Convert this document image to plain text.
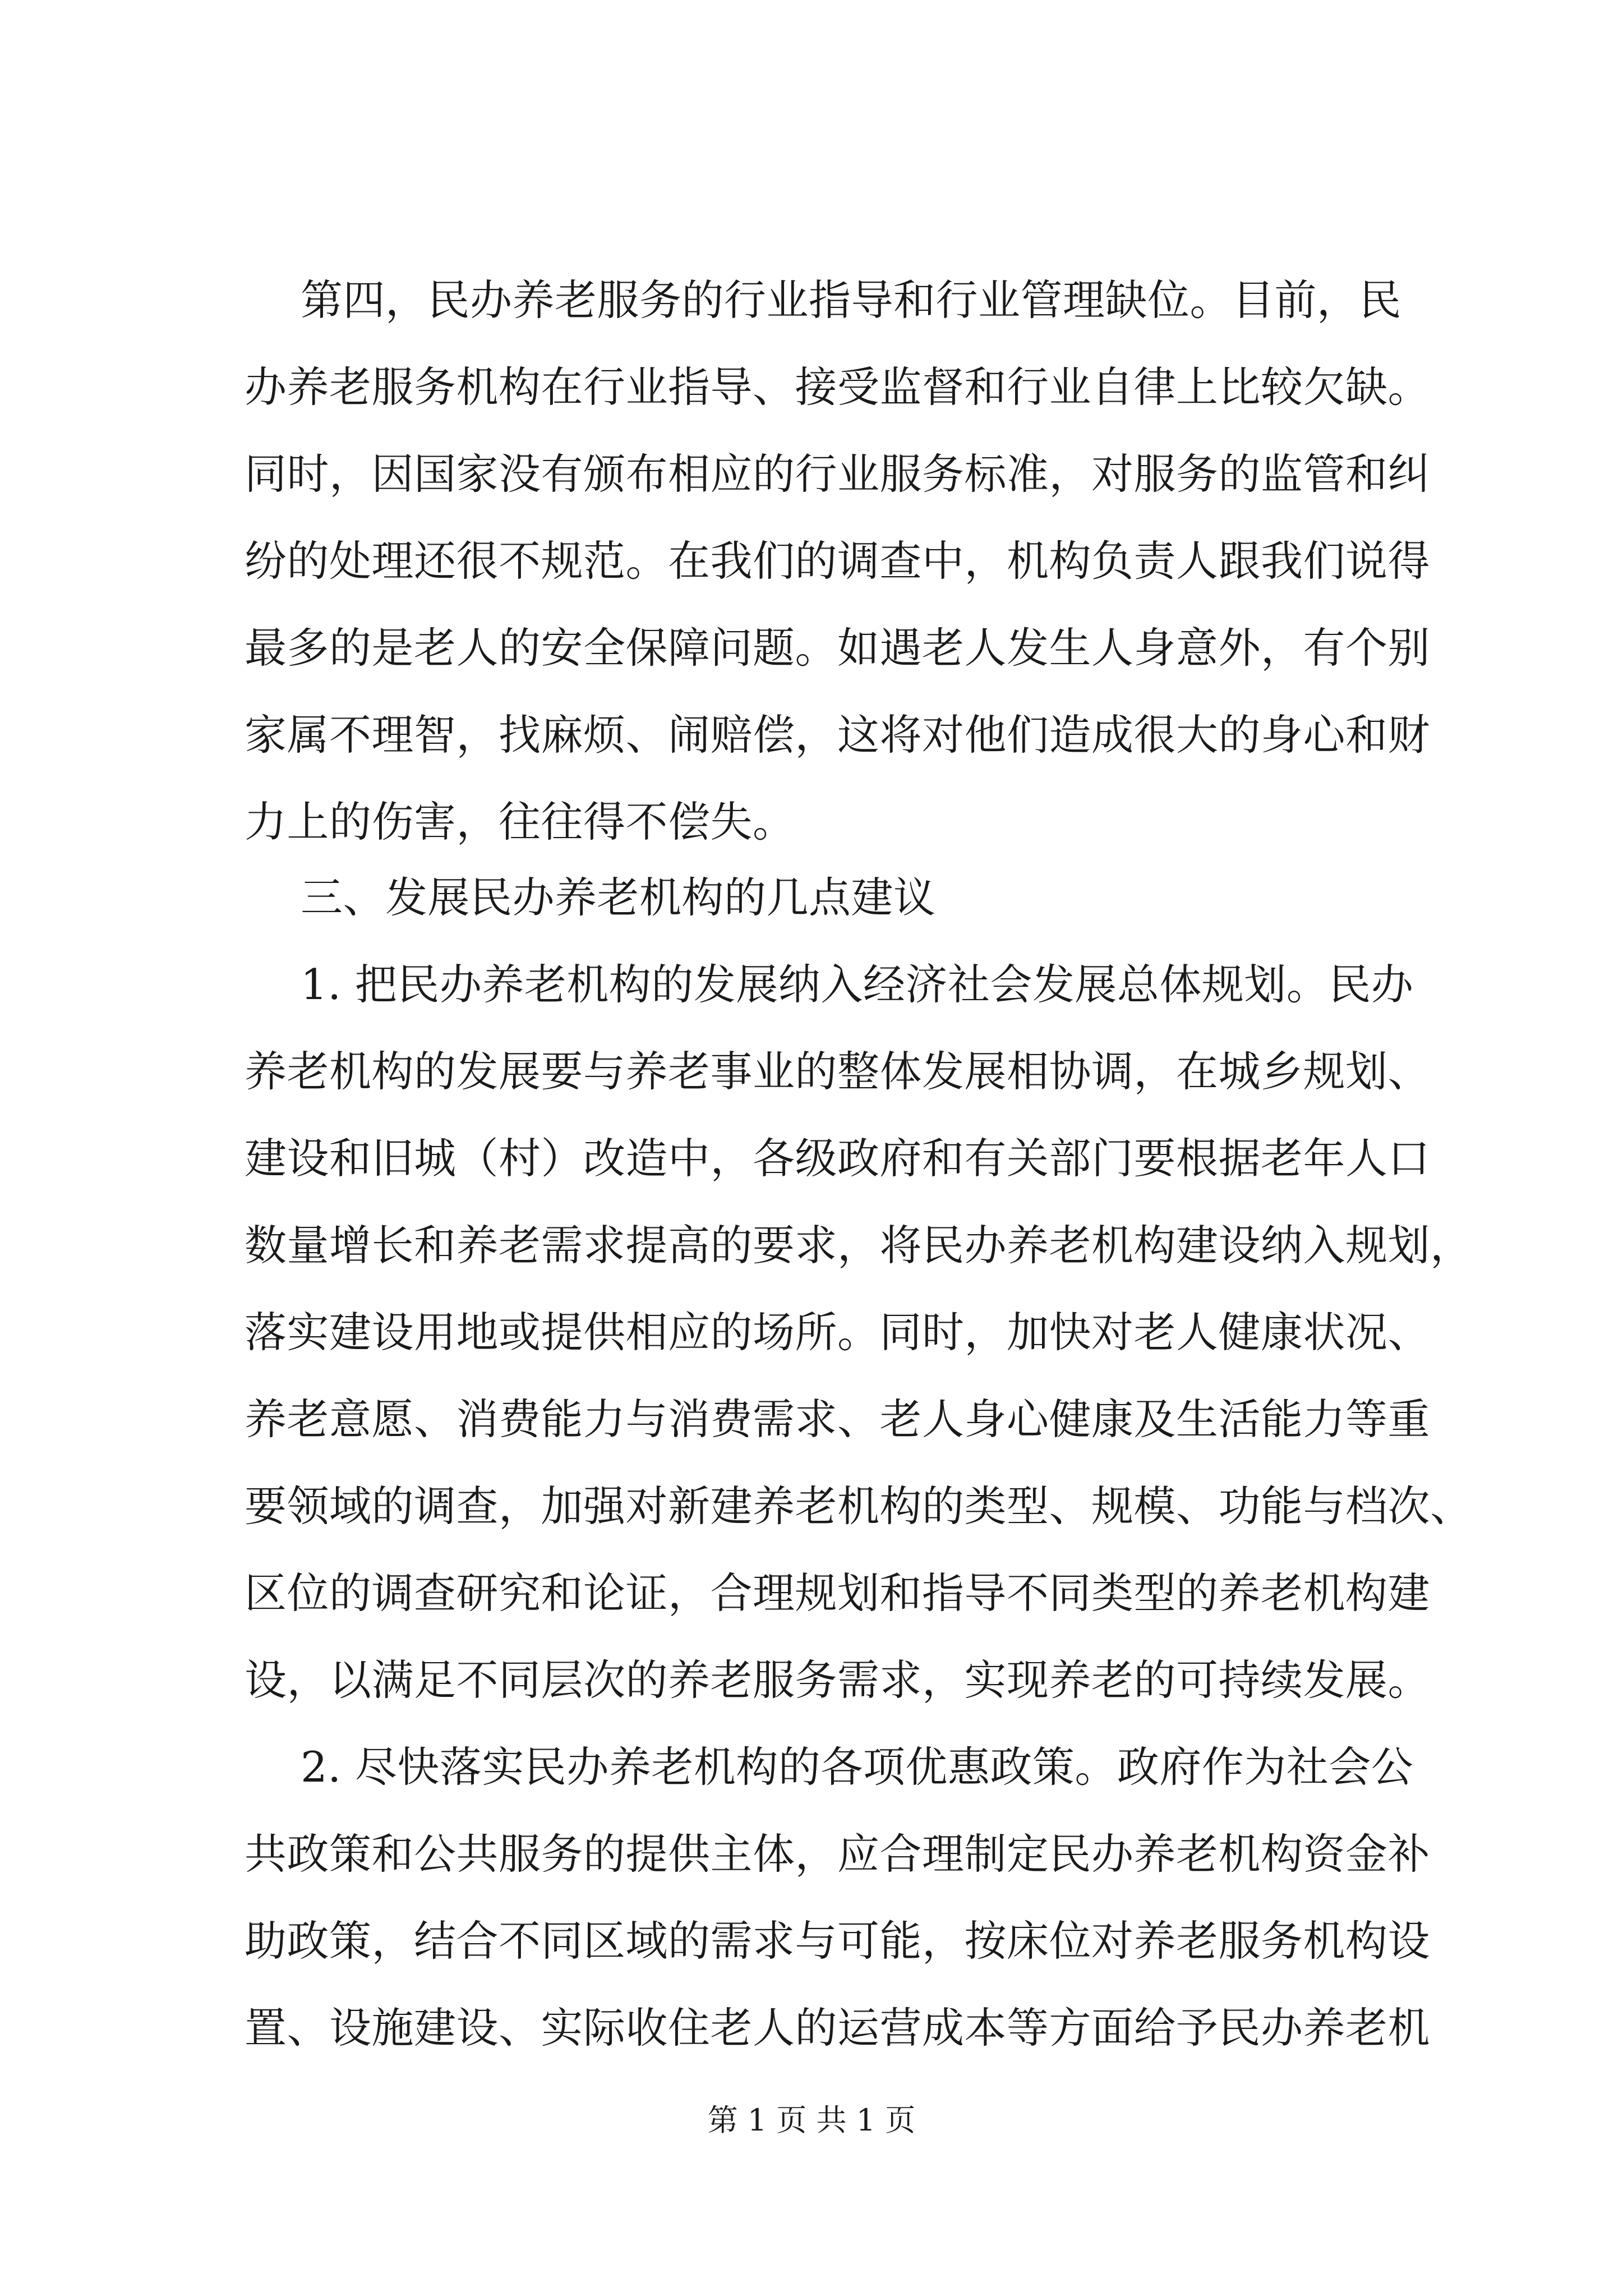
第四，民办养老服务的行业指导和行业管理缺位。目前，民
办养老服务机构在行业指导、接受监督和行业自律上比较欠缺。
同时，因国家没有颁布相应的行业服务标准，对服务的监管和纠
纷的处理还很不规范。在我们的调查中，机构负责人跟我们说得
最多的是老人的安全保障问题。如遇老人发生人身意外，有个别
家属不理智，找麻烦、闹赔偿，这将对他们造成很大的身心和财
力上的伤害，往往得不偿失。
三、发展民办养老机构的几点建议
1. 把民办养老机构的发展纳入经济社会发展总体规划。民办
养老机构的发展要与养老事业的整体发展相协调，在城乡规划、
建设和旧城（村）改造中，各级政府和有关部门要根据老年人口
数量增长和养老需求提高的要求，将民办养老机构建设纳入规划，
落实建设用地或提供相应的场所。同时，加快对老人健康状况、
养老意愿、消费能力与消费需求、老人身心健康及生活能力等重
要领域的调查，加强对新建养老机构的类型、规模、功能与档次、
区位的调查研究和论证，合理规划和指导不同类型的养老机构建
设，以满足不同层次的养老服务需求，实现养老的可持续发展。
2. 尽快落实民办养老机构的各项优惠政策。政府作为社会公
共政策和公共服务的提供主体，应合理制定民办养老机构资金补
助政策，结合不同区域的需求与可能，按床位对养老服务机构设
置、设施建设、实际收住老人的运营成本等方面给予民办养老机
第 1 页 共 1 页
